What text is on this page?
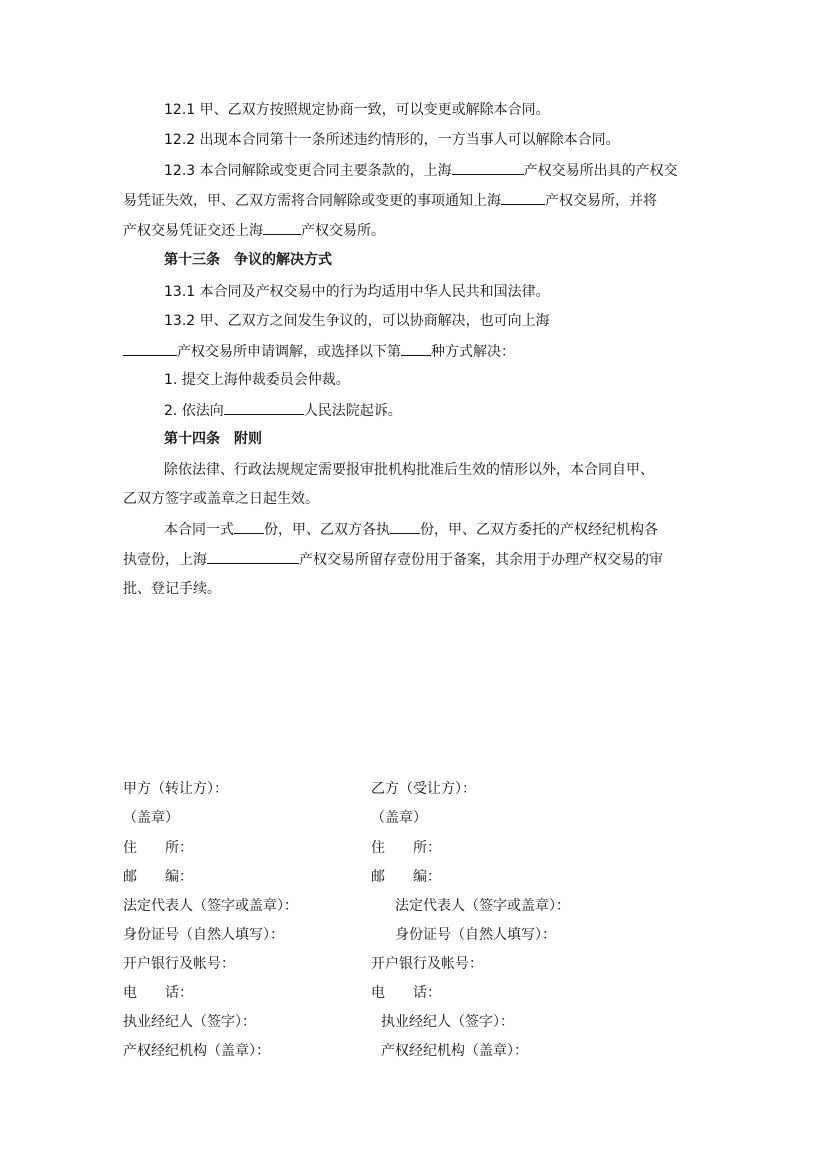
12.1 甲、乙双方按照规定协商一致，可以变更或解除本合同。
12.2 出现本合同第十一条所述违约情形的，一方当事人可以解除本合同。
12.3 本合同解除或变更合同主要条款的，上海	产权交易所出具的产权交
易凭证失效，甲、乙双方需将合同解除或变更的事项通知上海	产权交易所，并将
产权交易凭证交还上海	产权交易所。
第十三条　争议的解决方式
13.1 本合同及产权交易中的行为均适用中华人民共和国法律。
13.2 甲、乙双方之间发生争议的，可以协商解决，也可向上海
产权交易所申请调解，或选择以下第 种方式解决：
1. 提交上海仲裁委员会仲裁。
2. 依法向	人民法院起诉。
第十四条　附则
除依法律、行政法规规定需要报审批机构批准后生效的情形以外，本合同自甲、
乙双方签字或盖章之日起生效。
本合同一式 份，甲、乙双方各执 份，甲、乙双方委托的产权经纪机构各
执壹份，上海	产权交易所留存壹份用于备案，其余用于办理产权交易的审
批、登记手续。
甲方（转让方）：
（盖章）
住　　所：
邮　　编：
法定代表人（签字或盖章）：
身份证号（自然人填写）：
开户银行及帐号：
电　　话：
执业经纪人（签字）：
产权经纪机构（盖章）：
乙方（受让方）：
（盖章）
住　　所：
邮　　编：
法定代表人（签字或盖章）：
身份证号（自然人填写）：
开户银行及帐号：
电　　话：
执业经纪人（签字）：
产权经纪机构（盖章）：
